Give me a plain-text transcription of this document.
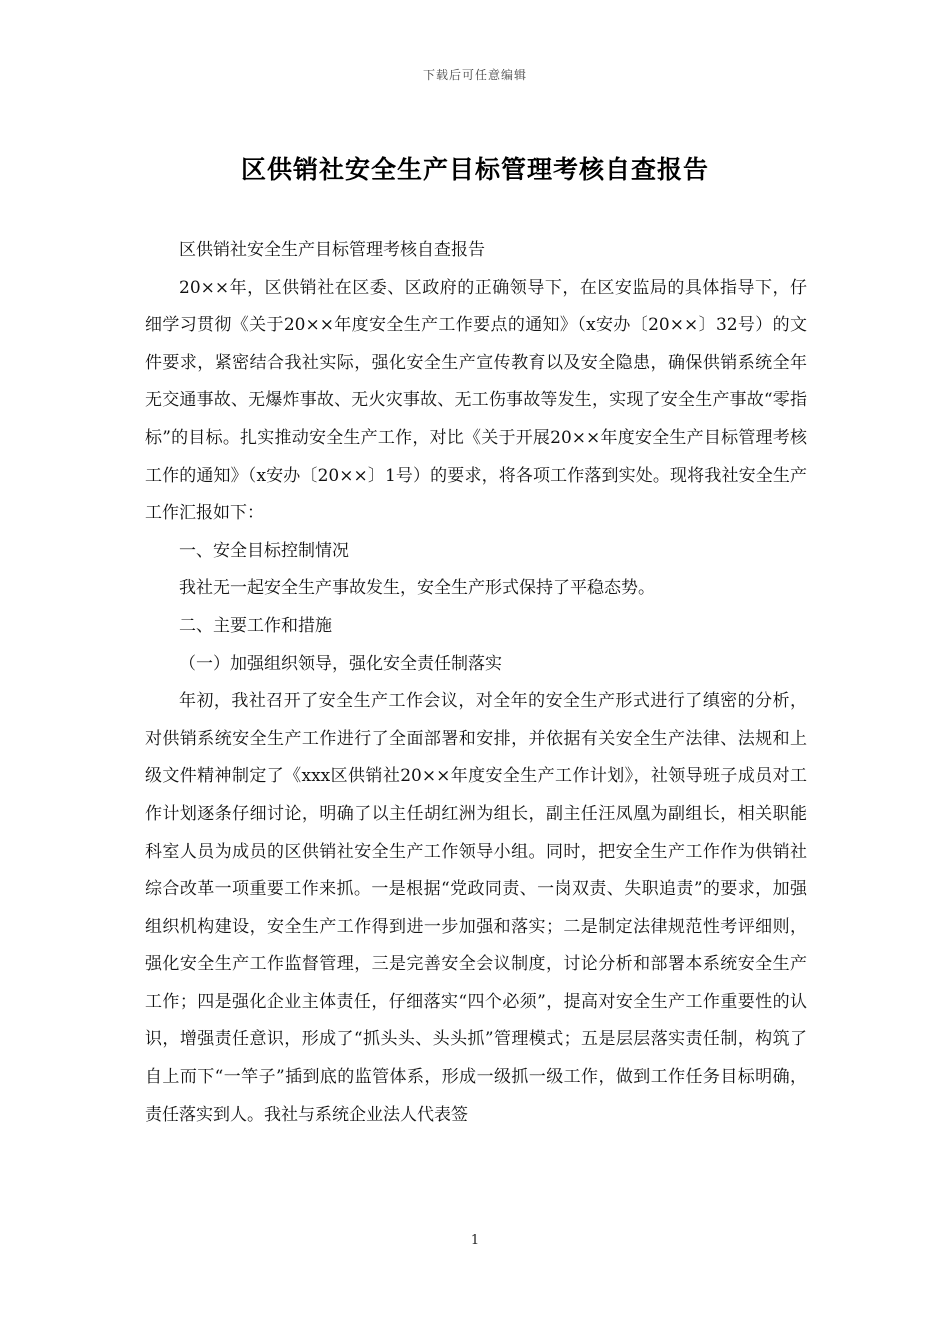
下载后可任意编辑
区供销社安全生产目标管理考核自查报告

区供销社安全生产目标管理考核自查报告

20××年，区供销社在区委、区政府的正确领导下，在区安监局的具体指导下，仔细学习贯彻《关于20××年度安全生产工作要点的通知》（x安办〔20××〕32号）的文件要求，紧密结合我社实际，强化安全生产宣传教育以及安全隐患，确保供销系统全年无交通事故、无爆炸事故、无火灾事故、无工伤事故等发生，实现了安全生产事故“零指标”的目标。扎实推动安全生产工作，对比《关于开展20××年度安全生产目标管理考核工作的通知》（x安办〔20××〕1号）的要求，将各项工作落到实处。现将我社安全生产工作汇报如下：

一、安全目标控制情况

我社无一起安全生产事故发生，安全生产形式保持了平稳态势。

二、主要工作和措施

（一）加强组织领导，强化安全责任制落实

年初，我社召开了安全生产工作会议，对全年的安全生产形式进行了缜密的分析，对供销系统安全生产工作进行了全面部署和安排，并依据有关安全生产法律、法规和上级文件精神制定了《xxx区供销社20××年度安全生产工作计划》，社领导班子成员对工作计划逐条仔细讨论，明确了以主任胡红洲为组长，副主任汪凤凰为副组长，相关职能科室人员为成员的区供销社安全生产工作领导小组。同时，把安全生产工作作为供销社综合改革一项重要工作来抓。一是根据“党政同责、一岗双责、失职追责”的要求，加强组织机构建设，安全生产工作得到进一步加强和落实；二是制定法律规范性考评细则，强化安全生产工作监督管理，三是完善安全会议制度，讨论分析和部署本系统安全生产工作；四是强化企业主体责任，仔细落实“四个必须”，提高对安全生产工作重要性的认识，增强责任意识，形成了“抓头头、头头抓”管理模式；五是层层落实责任制，构筑了自上而下“一竿子”插到底的监管体系，形成一级抓一级工作，做到工作任务目标明确，责任落实到人。我社与系统企业法人代表签

1
